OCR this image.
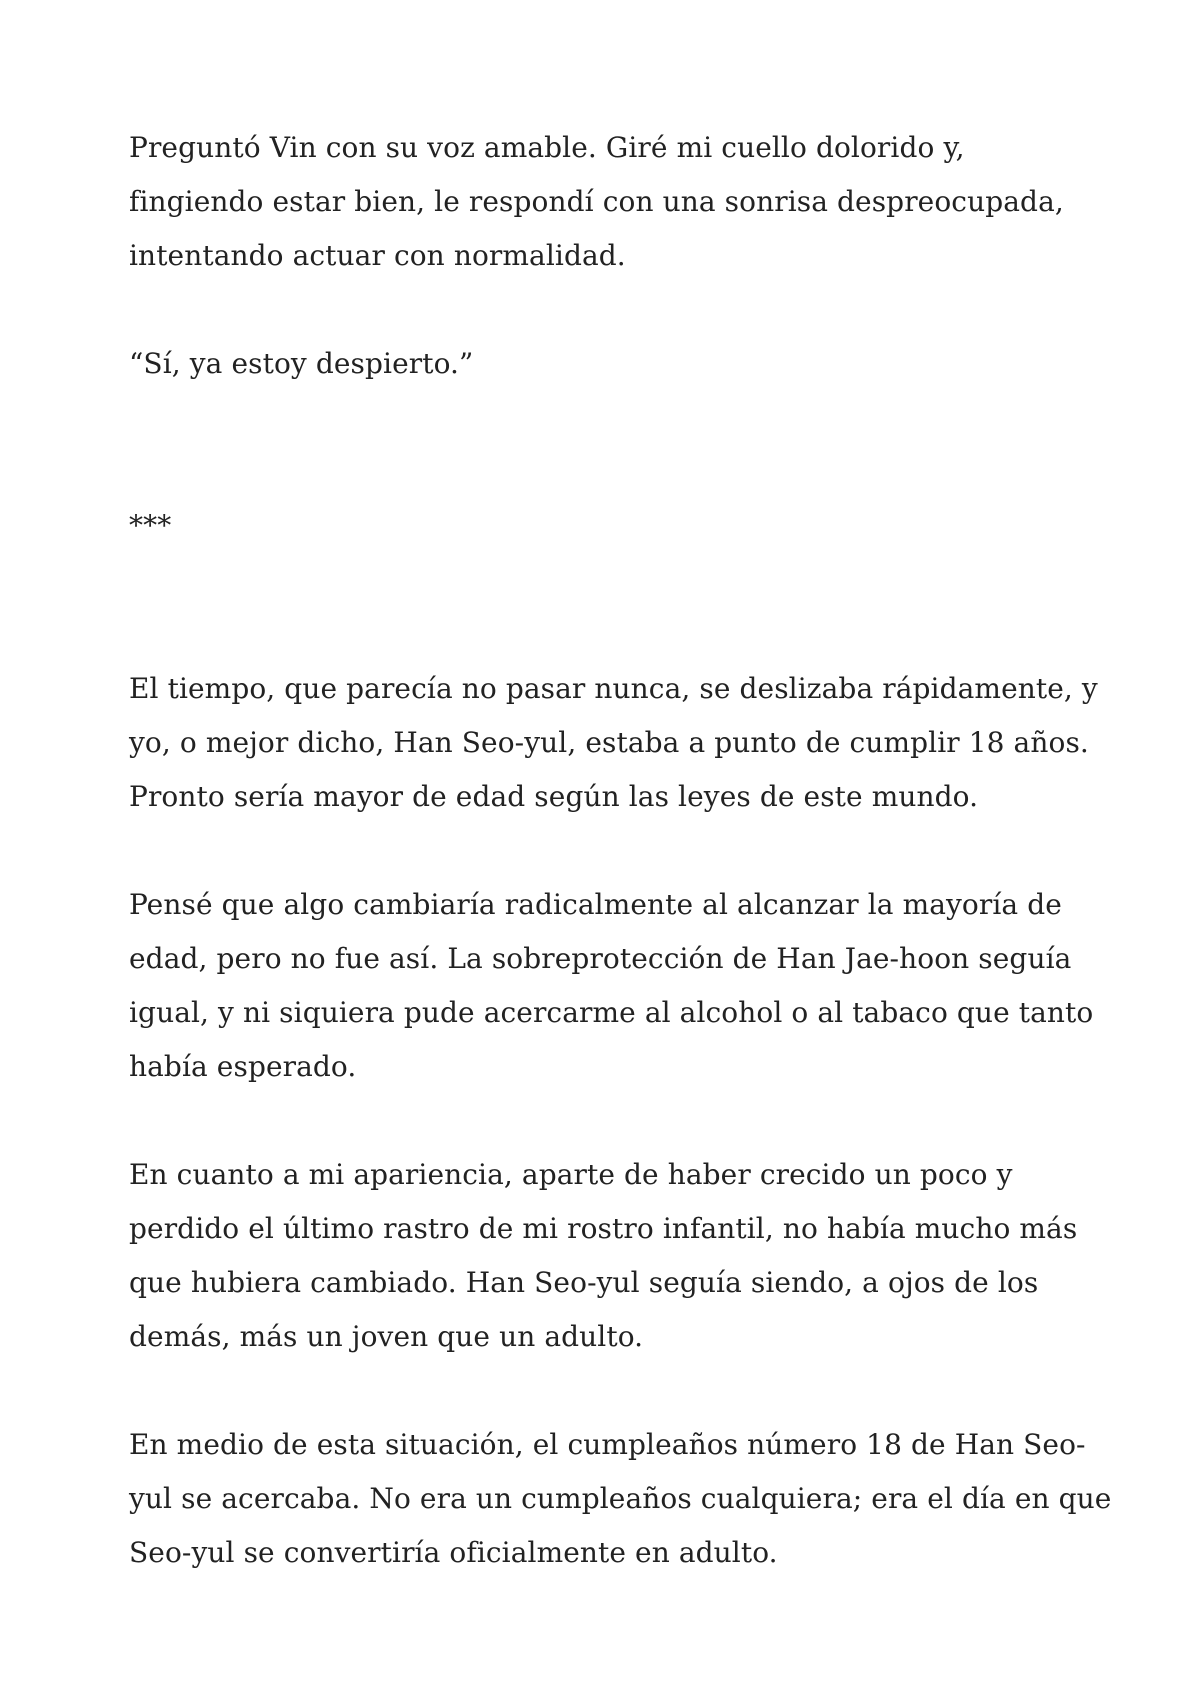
Preguntó Vin con su voz amable. Giré mi cuello dolorido y,
fingiendo estar bien, le respondí con una sonrisa despreocupada,
intentando actuar con normalidad.
“Sí, ya estoy despierto.”
***
El tiempo, que parecía no pasar nunca, se deslizaba rápidamente, y
yo, o mejor dicho, Han Seo-yul, estaba a punto de cumplir 18 años.
Pronto sería mayor de edad según las leyes de este mundo.
Pensé que algo cambiaría radicalmente al alcanzar la mayoría de
edad, pero no fue así. La sobreprotección de Han Jae-hoon seguía
igual, y ni siquiera pude acercarme al alcohol o al tabaco que tanto
había esperado.
En cuanto a mi apariencia, aparte de haber crecido un poco y
perdido el último rastro de mi rostro infantil, no había mucho más
que hubiera cambiado. Han Seo-yul seguía siendo, a ojos de los
demás, más un joven que un adulto.
En medio de esta situación, el cumpleaños número 18 de Han Seo-
yul se acercaba. No era un cumpleaños cualquiera; era el día en que
Seo-yul se convertiría oficialmente en adulto.
